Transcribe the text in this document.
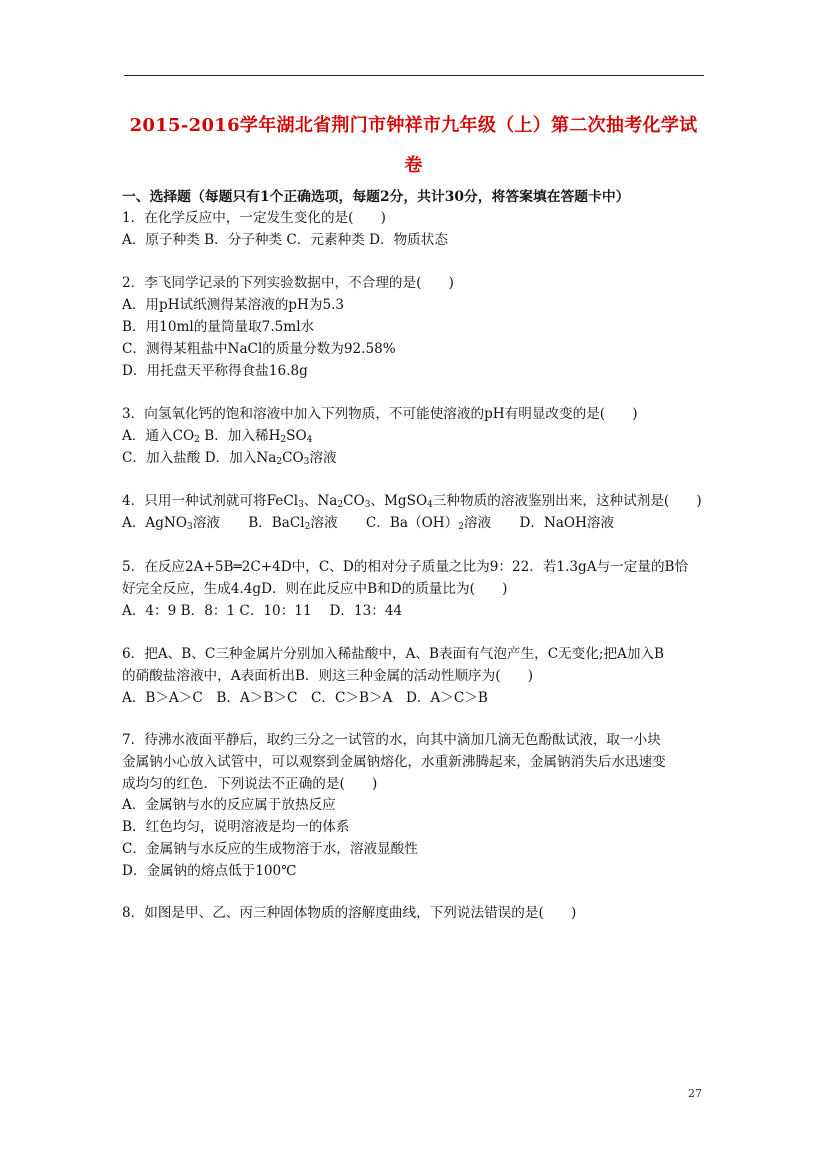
2015-2016学年湖北省荆门市钟祥市九年级（上）第二次抽考化学试
卷
一、选择题（每题只有1个正确选项，每题2分，共计30分，将答案填在答题卡中）
1．在化学反应中，一定发生变化的是(　　)
A．原子种类 B．分子种类 C．元素种类 D．物质状态
2．李飞同学记录的下列实验数据中，不合理的是(　　)
A．用pH试纸测得某溶液的pH为5.3
B．用10ml的量筒量取7.5ml水
C．测得某粗盐中NaCl的质量分数为92.58%
D．用托盘天平称得食盐16.8g
3．向氢氧化钙的饱和溶液中加入下列物质，不可能使溶液的pH有明显改变的是(　　)
A．通入$CO_2$ B．加入稀$H_2SO_4$
C．加入盐酸 D．加入$Na_2CO_3$溶液
4．只用一种试剂就可将FeCl$_3$、$Na_2CO_3$、MgSO$_4$三种物质的溶液鉴别出来，这种试剂是(　　)
A．AgNO$_3$溶液 B．BaCl$_2$溶液 C．$Ba(OH)_2$溶液 D．NaOH溶液
5．在反应2A+5B═2C+4D中，C、D的相对分子质量之比为9：22．若1.3gA与一定量的B恰
好完全反应，生成4.4gD．则在此反应中B和D的质量比为(　　)
A．4：9 B．8：1 C．10：11 　D．13：44
6．把A、B、C三种金属片分别加入稀盐酸中，A、B表面有气泡产生，C无变化;把A加入B
的硝酸盐溶液中，A表面析出B．则这三种金属的活动性顺序为(　　)
A．B＞A＞C　B．A＞B＞C　C．C＞B＞A　D．A＞C＞B
7．待沸水液面平静后，取约三分之一试管的水，向其中滴加几滴无色酚酞试液，取一小块
金属钠小心放入试管中，可以观察到金属钠熔化，水重新沸腾起来，金属钠消失后水迅速变
成均匀的红色．下列说法不正确的是(　　)
A．金属钠与水的反应属于放热反应
B．红色均匀，说明溶液是均一的体系
C．金属钠与水反应的生成物溶于水，溶液显酸性
D．金属钠的熔点低于100℃
8．如图是甲、乙、丙三种固体物质的溶解度曲线，下列说法错误的是(　　)
27
